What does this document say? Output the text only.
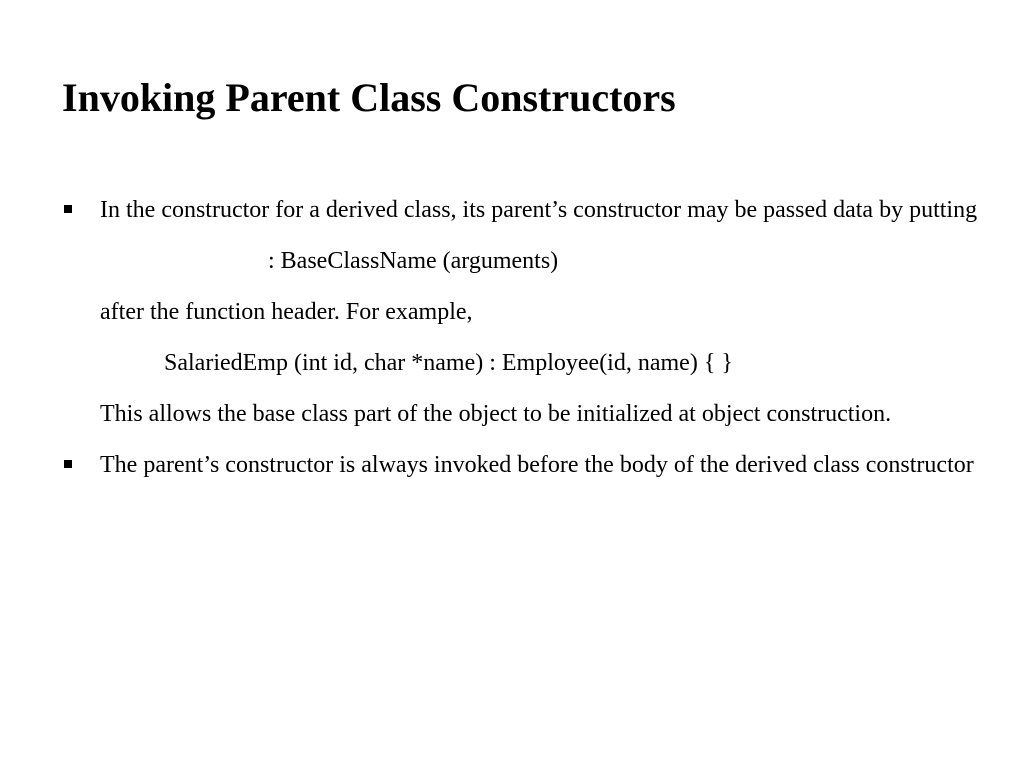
Invoking Parent Class Constructors
In the constructor for a derived class, its parent’s constructor may be passed data by putting
: BaseClassName (arguments)
after the function header. For example,
SalariedEmp (int id, char *name) : Employee(id, name) { }
This allows the base class part of the object to be initialized at object construction.
The parent’s constructor is always invoked before the body of the derived class constructor
